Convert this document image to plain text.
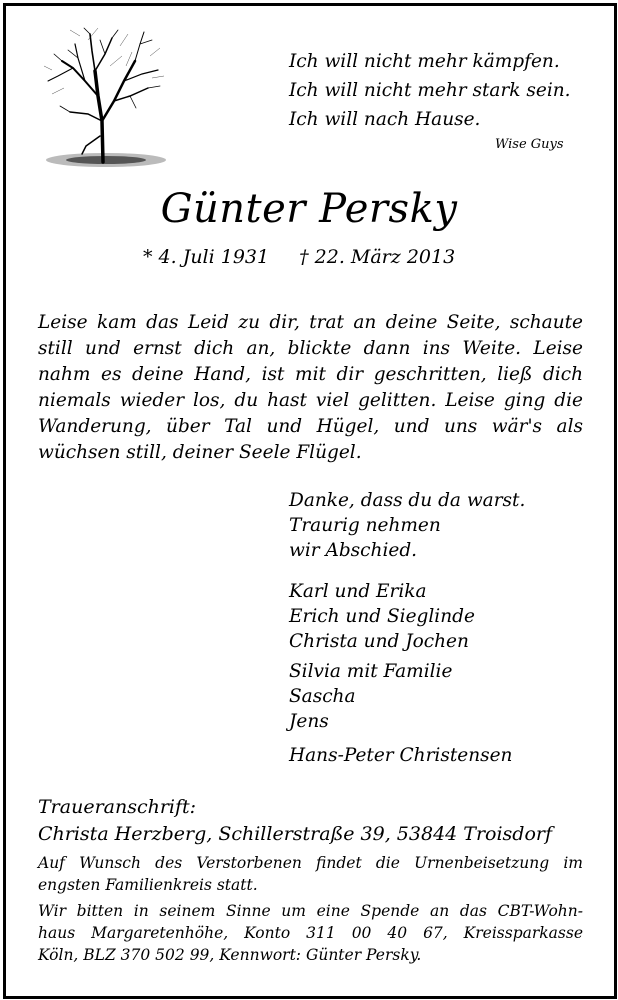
Ich will nicht mehr kämpfen.
Ich will nicht mehr stark sein.
Ich will nach Hause.
Wise Guys
Günter Persky
* 4. Juli 1931 † 22. März 2013
Leise kam das Leid zu dir, trat an deine Seite, schaute
still und ernst dich an, blickte dann ins Weite. Leise
nahm es deine Hand, ist mit dir geschritten, ließ dich
niemals wieder los, du hast viel gelitten. Leise ging die
Wanderung, über Tal und Hügel, und uns wär's als
wüchsen still, deiner Seele Flügel.
Danke, dass du da warst.
Traurig nehmen
wir Abschied.
Karl und Erika
Erich und Sieglinde
Christa und Jochen
Silvia mit Familie
Sascha
Jens
Hans-Peter Christensen
Traueranschrift:
Christa Herzberg, Schillerstraße 39, 53844 Troisdorf
Auf Wunsch des Verstorbenen findet die Urnenbeisetzung im
engsten Familienkreis statt.
Wir bitten in seinem Sinne um eine Spende an das CBT-Wohn-
haus Margaretenhöhe, Konto 311 00 40 67, Kreissparkasse
Köln, BLZ 370 502 99, Kennwort: Günter Persky.
